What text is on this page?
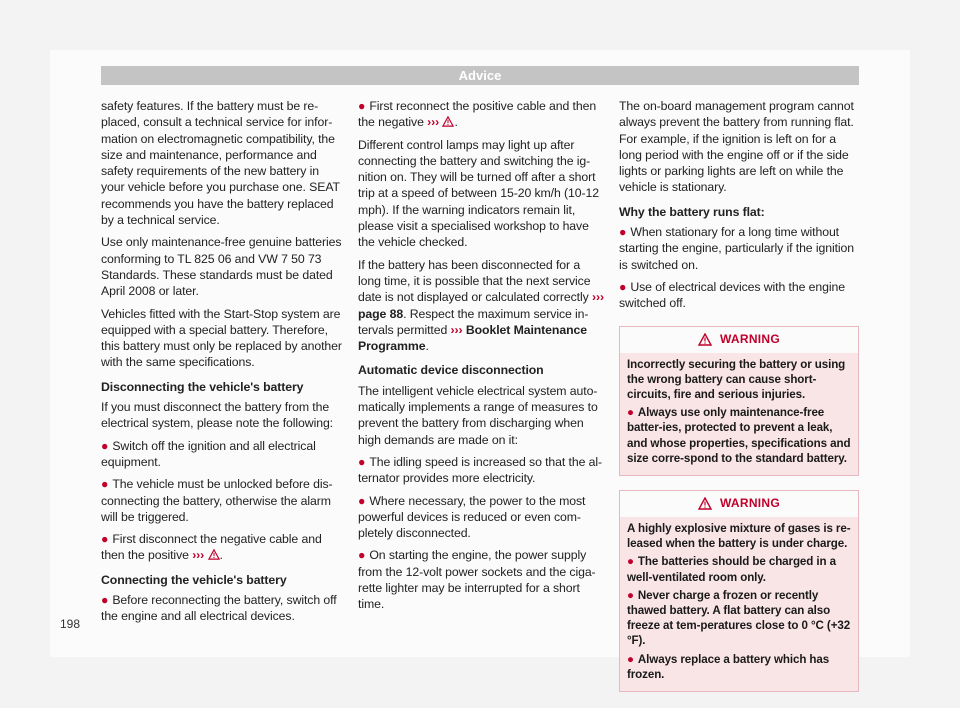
Advice

safety features. If the battery must be re-placed, consult a technical service for infor-mation on electromagnetic compatibility, the size and maintenance, performance and safety requirements of the new battery in your vehicle before you purchase one. SEAT recommends you have the battery replaced by a technical service.

Use only maintenance-free genuine batteries conforming to TL 825 06 and VW 7 50 73 Standards. These standards must be dated April 2008 or later.

Vehicles fitted with the Start-Stop system are equipped with a special battery. Therefore, this battery must only be replaced by another with the same specifications.

Disconnecting the vehicle's battery

If you must disconnect the battery from the electrical system, please note the following:

● Switch off the ignition and all electrical equipment.

● The vehicle must be unlocked before dis-connecting the battery, otherwise the alarm will be triggered.

● First disconnect the negative cable and then the positive ››› .

Connecting the vehicle's battery

● Before reconnecting the battery, switch off the engine and all electrical devices.

● First reconnect the positive cable and then the negative ››› .

Different control lamps may light up after connecting the battery and switching the ig-nition on. They will be turned off after a short trip at a speed of between 15-20 km/h (10-12 mph). If the warning indicators remain lit, please visit a specialised workshop to have the vehicle checked.

If the battery has been disconnected for a long time, it is possible that the next service date is not displayed or calculated correctly ››› page 88. Respect the maximum service in-tervals permitted ››› Booklet Maintenance Programme.

Automatic device disconnection

The intelligent vehicle electrical system auto-matically implements a range of measures to prevent the battery from discharging when high demands are made on it:

● The idling speed is increased so that the al-ternator provides more electricity.

● Where necessary, the power to the most powerful devices is reduced or even com-pletely disconnected.

● On starting the engine, the power supply from the 12-volt power sockets and the ciga-rette lighter may be interrupted for a short time.

The on-board management program cannot always prevent the battery from running flat. For example, if the ignition is left on for a long period with the engine off or if the side lights or parking lights are left on while the vehicle is stationary.

Why the battery runs flat:

● When stationary for a long time without starting the engine, particularly if the ignition is switched on.

● Use of electrical devices with the engine switched off.

WARNING

Incorrectly securing the battery or using the wrong battery can cause short-circuits, fire and serious injuries.

● Always use only maintenance-free batter-ies, protected to prevent a leak, and whose properties, specifications and size corre-spond to the standard battery.

WARNING

A highly explosive mixture of gases is re-leased when the battery is under charge.

● The batteries should be charged in a well-ventilated room only.

● Never charge a frozen or recently thawed battery. A flat battery can also freeze at tem-peratures close to 0 °C (+32 °F).

● Always replace a battery which has frozen.

198
